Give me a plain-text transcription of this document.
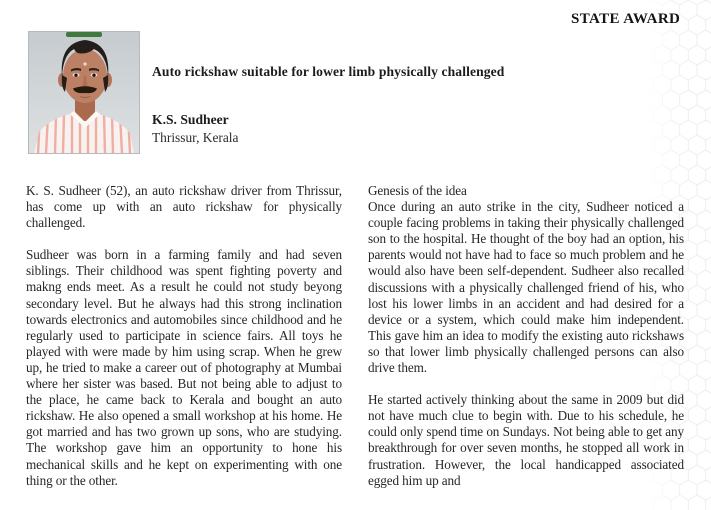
STATE AWARD
Auto rickshaw suitable for lower limb physically challenged
K.S. Sudheer
Thrissur, Kerala

K. S. Sudheer (52), an auto rickshaw driver from Thrissur, has come up with an auto rickshaw for physically challenged.

Sudheer was born in a farming family and had seven siblings. Their childhood was spent fighting poverty and makng ends meet. As a result he could not study beyong secondary level. But he always had this strong inclination towards electronics and automobiles since childhood and he regularly used to participate in science fairs. All toys he played with were made by him using scrap. When he grew up, he tried to make a career out of photography at Mumbai where her sister was based. But not being able to adjust to the place, he came back to Kerala and bought an auto rickshaw. He also opened a small workshop at his home. He got married and has two grown up sons, who are studying. The workshop gave him an opportunity to hone his mechanical skills and he kept on experimenting with one thing or the other.

Genesis of the idea

Once during an auto strike in the city, Sudheer noticed a couple facing problems in taking their physically challenged son to the hospital. He thought of the boy had an option, his parents would not have had to face so much problem and he would also have been self-dependent. Sudheer also recalled discussions with a physically challenged friend of his, who lost his lower limbs in an accident and had desired for a device or a system, which could make him independent. This gave him an idea to modify the existing auto rickshaws so that lower limb physically challenged persons can also drive them.

He started actively thinking about the same in 2009 but did not have much clue to begin with. Due to his schedule, he could only spend time on Sundays. Not being able to get any breakthrough for over seven months, he stopped all work in frustration. However, the local handicapped associated egged him up and
